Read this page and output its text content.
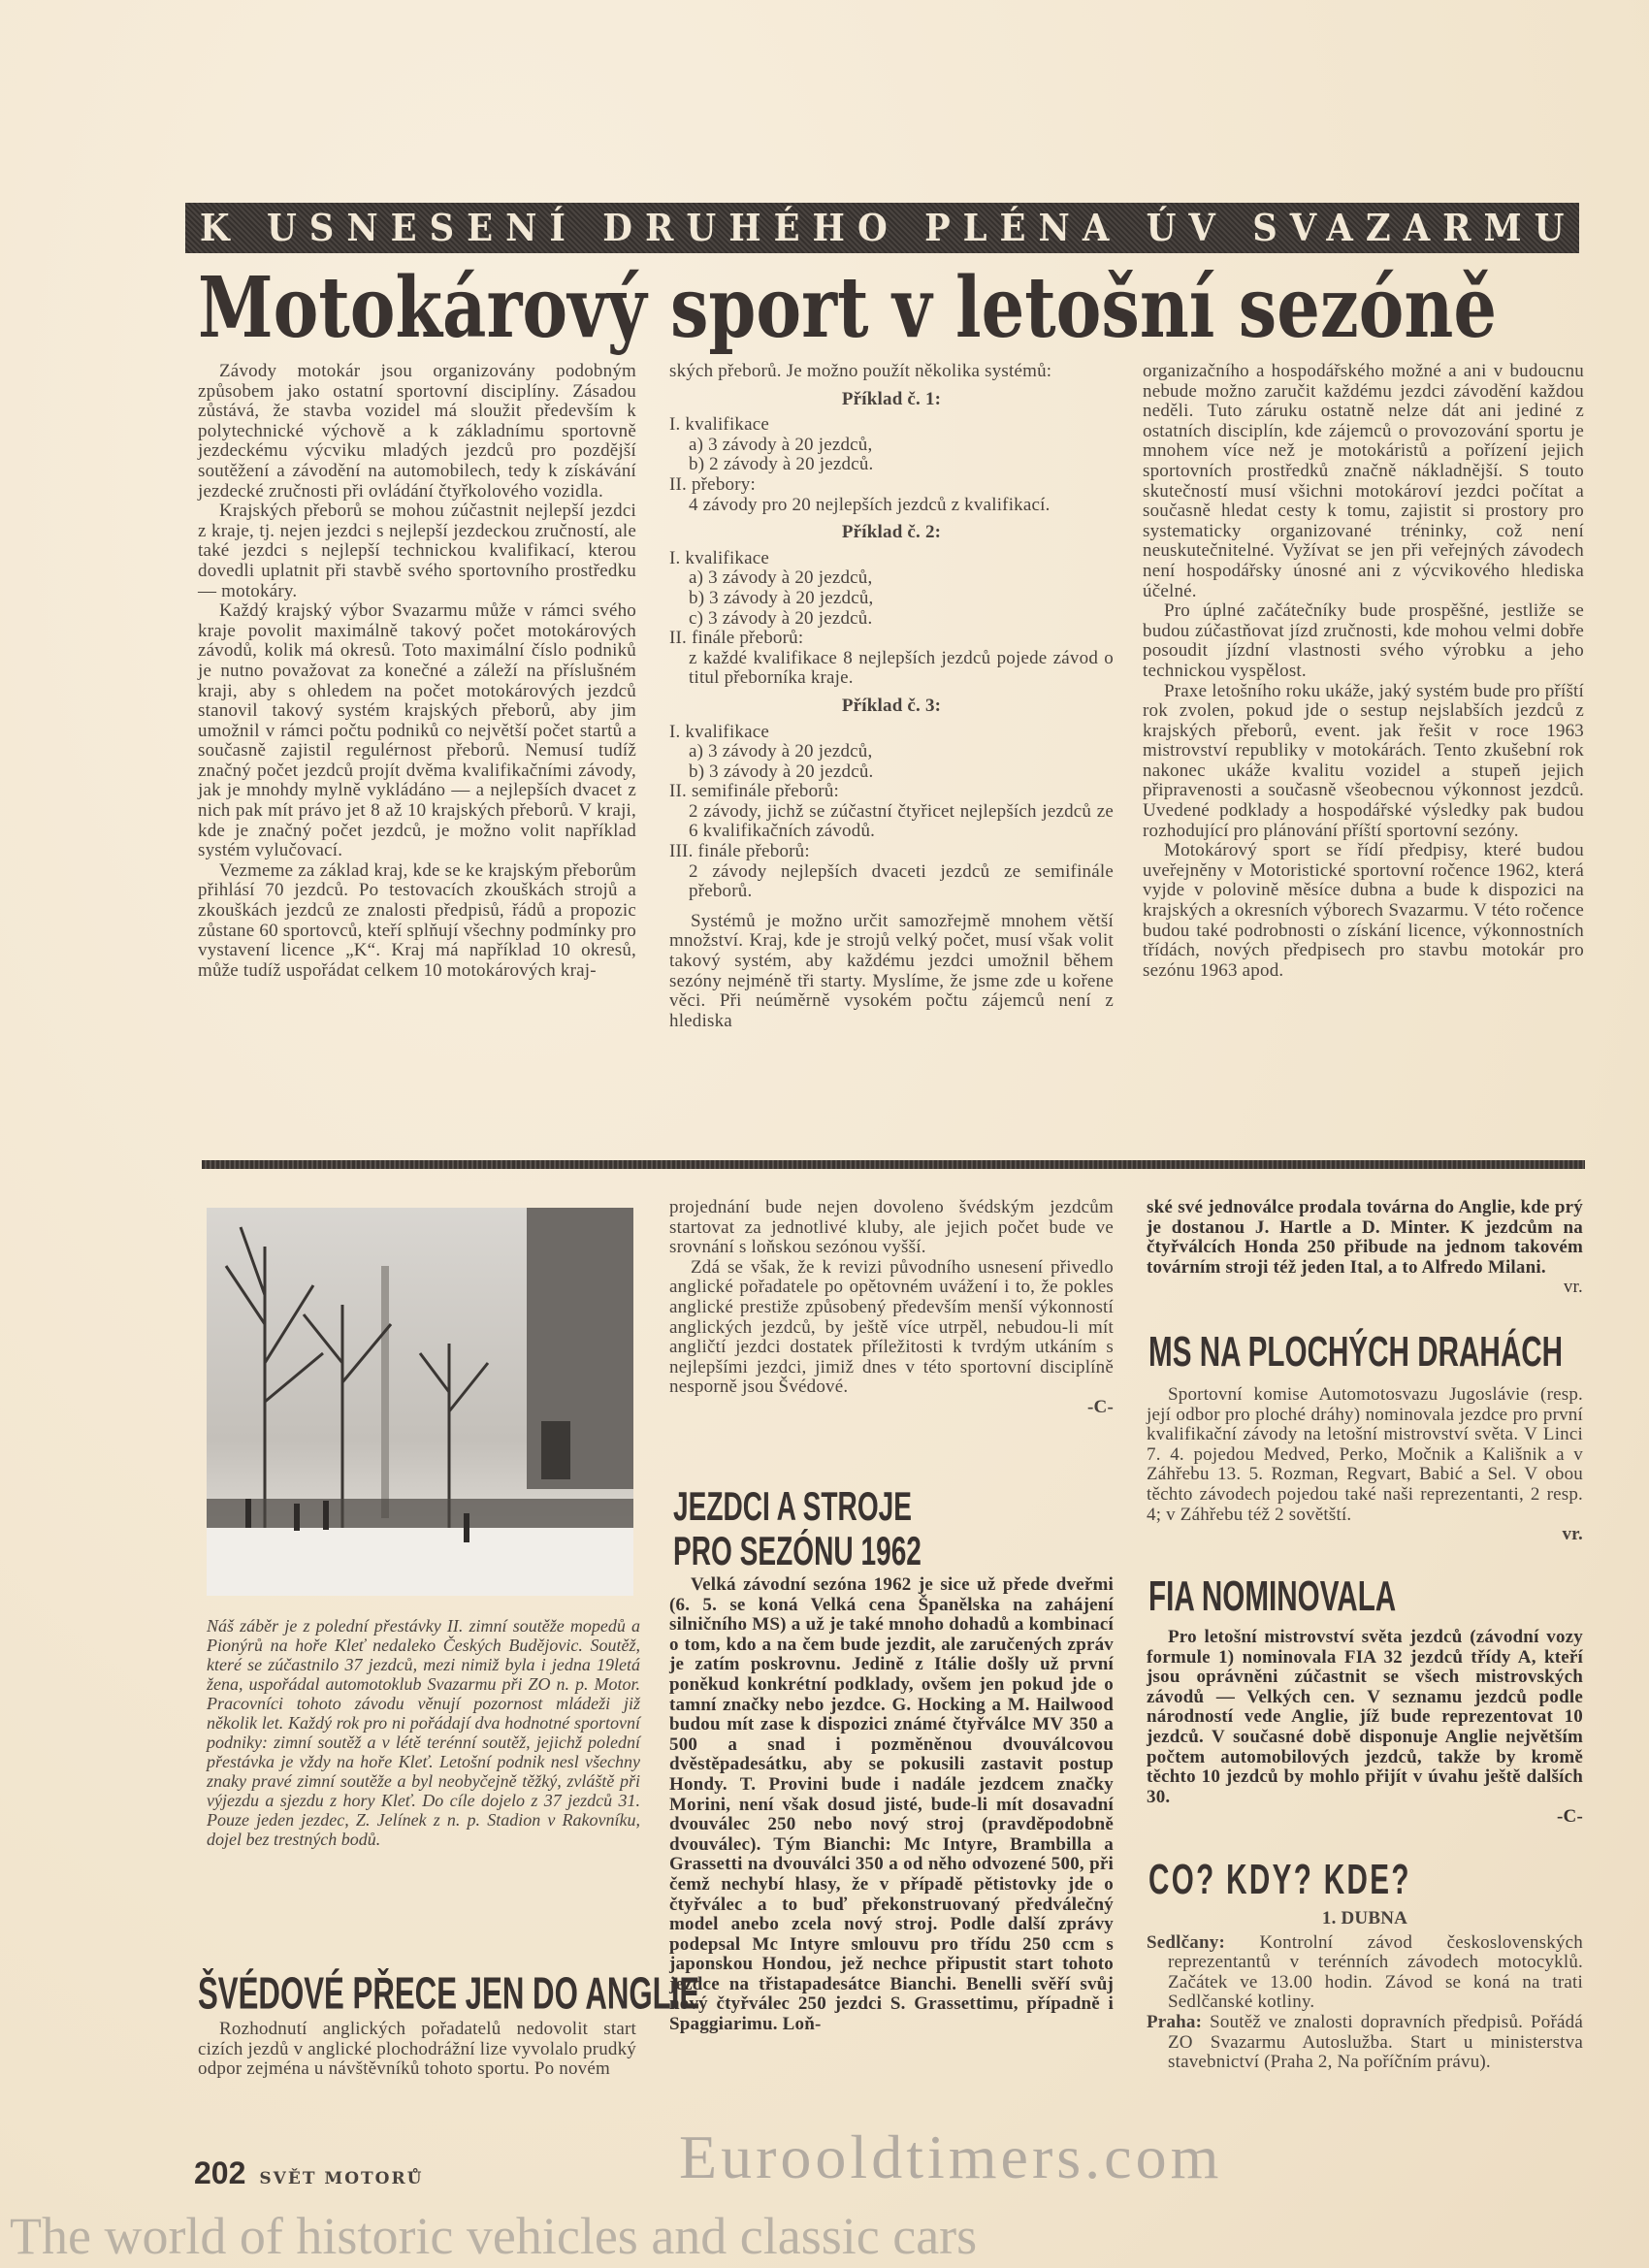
K USNESENÍ DRUHÉHO PLÉNA ÚV SVAZARMU
Motokárový sport v letošní sezóně

Závody motokár jsou organizovány podobným způsobem jako ostatní sportovní disciplíny. Zásadou zůstává, že stavba vozidel má sloužit především k polytechnické výchově a k základnímu sportovně jezdeckému výcviku mladých jezdců pro pozdější soutěžení a závodění na automobilech, tedy k získávání jezdecké zručnosti při ovládání čtyřkolového vozidla.

Krajských přeborů se mohou zúčastnit nejlepší jezdci z kraje, tj. nejen jezdci s nejlepší jezdeckou zručností, ale také jezdci s nejlepší technickou kvalifikací, kterou dovedli uplatnit při stavbě svého sportovního prostředku — motokáry.

Každý krajský výbor Svazarmu může v rámci svého kraje povolit maximálně takový počet motokárových závodů, kolik má okresů. Toto maximální číslo podniků je nutno považovat za konečné a záleží na příslušném kraji, aby s ohledem na počet motokárových jezdců stanovil takový systém krajských přeborů, aby jim umožnil v rámci počtu podniků co největší počet startů a současně zajistil regulérnost přeborů. Nemusí tudíž značný počet jezdců projít dvěma kvalifikačními závody, jak je mnohdy mylně vykládáno — a nejlepších dvacet z nich pak mít právo jet 8 až 10 krajských přeborů. V kraji, kde je značný počet jezdců, je možno volit například systém vylučovací.

Vezmeme za základ kraj, kde se ke krajským přeborům přihlásí 70 jezdců. Po testovacích zkouškách strojů a zkouškách jezdců ze znalosti předpisů, řádů a propozic zůstane 60 sportovců, kteří splňují všechny podmínky pro vystavení licence „K“. Kraj má například 10 okresů, může tudíž uspořádat celkem 10 motokárových kraj-

ských přeborů. Je možno použít několika systémů:

Příklad č. 1:
I. kvalifikace
a) 3 závody à 20 jezdců,
b) 2 závody à 20 jezdců.
II. přebory:
4 závody pro 20 nejlepších jezdců z kvalifikací.
Příklad č. 2:
I. kvalifikace
a) 3 závody à 20 jezdců,
b) 3 závody à 20 jezdců,
c) 3 závody à 20 jezdců.
II. finále přeborů:
z každé kvalifikace 8 nejlepších jezdců pojede závod o titul přeborníka kraje.
Příklad č. 3:
I. kvalifikace
a) 3 závody à 20 jezdců,
b) 3 závody à 20 jezdců.
II. semifinále přeborů:
2 závody, jichž se zúčastní čtyřicet nejlepších jezdců ze 6 kvalifikačních závodů.
III. finále přeborů:
2 závody nejlepších dvaceti jezdců ze semifinále přeborů.

Systémů je možno určit samozřejmě mnohem větší množství. Kraj, kde je strojů velký počet, musí však volit takový systém, aby každému jezdci umožnil během sezóny nejméně tři starty. Myslíme, že jsme zde u kořene věci. Při neúměrně vysokém počtu zájemců není z hlediska

organizačního a hospodářského možné a ani v budoucnu nebude možno zaručit každému jezdci závodění každou neděli. Tuto záruku ostatně nelze dát ani jediné z ostatních disciplín, kde zájemců o provozování sportu je mnohem více než je motokáristů a pořízení jejich sportovních prostředků značně nákladnější. S touto skutečností musí všichni motokároví jezdci počítat a současně hledat cesty k tomu, zajistit si prostory pro systematicky organizované tréninky, což není neuskutečnitelné. Vyžívat se jen při veřejných závodech není hospodářsky únosné ani z výcvikového hlediska účelné.

Pro úplné začátečníky bude prospěšné, jestliže se budou zúčastňovat jízd zručnosti, kde mohou velmi dobře posoudit jízdní vlastnosti svého výrobku a jeho technickou vyspělost.

Praxe letošního roku ukáže, jaký systém bude pro příští rok zvolen, pokud jde o sestup nejslabších jezdců z krajských přeborů, event. jak řešit v roce 1963 mistrovství republiky v motokárách. Tento zkušební rok nakonec ukáže kvalitu vozidel a stupeň jejich připravenosti a současně všeobecnou výkonnost jezdců. Uvedené podklady a hospodářské výsledky pak budou rozhodující pro plánování příští sportovní sezóny.

Motokárový sport se řídí předpisy, které budou uveřejněny v Motoristické sportovní ročence 1962, která vyjde v polovině měsíce dubna a bude k dispozici na krajských a okresních výborech Svazarmu. V této ročence budou také podrobnosti o získání licence, výkonnostních třídách, nových předpisech pro stavbu motokár pro sezónu 1963 apod.

Náš záběr je z polední přestávky II. zimní soutěže mopedů a Pionýrů na hoře Kleť nedaleko Českých Budějovic. Soutěž, které se zúčastnilo 37 jezdců, mezi nimiž byla i jedna 19letá žena, uspořádal automotoklub Svazarmu při ZO n. p. Motor. Pracovníci tohoto závodu věnují pozornost mládeži již několik let. Každý rok pro ni pořádají dva hodnotné sportovní podniky: zimní soutěž a v létě terénní soutěž, jejichž polední přestávka je vždy na hoře Kleť. Letošní podnik nesl všechny znaky pravé zimní soutěže a byl neobyčejně těžký, zvláště při výjezdu a sjezdu z hory Kleť. Do cíle dojelo z 37 jezdců 31. Pouze jeden jezdec, Z. Jelínek z n. p. Stadion v Rakovníku, dojel bez trestných bodů.
ŠVÉDOVÉ PŘECE JEN DO ANGLIE

Rozhodnutí anglických pořadatelů nedovolit start cizích jezdů v anglické plochodrážní lize vyvolalo prudký odpor zejména u návštěvníků tohoto sportu. Po novém

projednání bude nejen dovoleno švédským jezdcům startovat za jednotlivé kluby, ale jejich počet bude ve srovnání s loňskou sezónou vyšší.

Zdá se však, že k revizi původního usnesení přivedlo anglické pořadatele po opětovném uvážení i to, že pokles anglické prestiže způsobený především menší výkonností anglických jezdců, by ještě více utrpěl, nebudou-li mít angličtí jezdci dostatek příležitosti k tvrdým utkáním s nejlepšími jezdci, jimiž dnes v této sportovní disciplíně nesporně jsou Švédové.

-C-
JEZDCI A STROJE
PRO SEZÓNU 1962

Velká závodní sezóna 1962 je sice už přede dveřmi (6. 5. se koná Velká cena Španělska na zahájení silničního MS) a už je také mnoho dohadů a kombinací o tom, kdo a na čem bude jezdit, ale zaručených zpráv je zatím poskrovnu. Jedině z Itálie došly už první poněkud konkrétní podklady, ovšem jen pokud jde o tamní značky nebo jezdce. G. Hocking a M. Hailwood budou mít zase k dispozici známé čtyřválce MV 350 a 500 a snad i pozměněnou dvouválcovou dvěstěpadesátku, aby se pokusili zastavit postup Hondy. T. Provini bude i nadále jezdcem značky Morini, není však dosud jisté, bude-li mít dosavadní dvouválec 250 nebo nový stroj (pravděpodobně dvouválec). Tým Bianchi: Mc Intyre, Brambilla a Grassetti na dvouválci 350 a od něho odvozené 500, při čemž nechybí hlasy, že v případě pětistovky jde o čtyřválec a to buď překonstruovaný předválečný model anebo zcela nový stroj. Podle další zprávy podepsal Mc Intyre smlouvu pro třídu 250 ccm s japonskou Hondou, jež nechce připustit start tohoto jezdce na třistapadesátce Bianchi. Benelli svěří svůj nový čtyřválec 250 jezdci S. Grassettimu, případně i Spaggiarimu. Loň-

ské své jednoválce prodala továrna do Anglie, kde prý je dostanou J. Hartle a D. Minter. K jezdcům na čtyřválcích Honda 250 přibude na jednom takovém továrním stroji též jeden Ital, a to Alfredo Milani.

vr.
MS NA PLOCHÝCH DRAHÁCH

Sportovní komise Automotosvazu Jugoslávie (resp. její odbor pro ploché dráhy) nominovala jezdce pro první kvalifikační závody na letošní mistrovství světa. V Linci 7. 4. pojedou Medved, Perko, Močnik a Kališnik a v Záhřebu 13. 5. Rozman, Regvart, Babić a Sel. V obou těchto závodech pojedou také naši reprezentanti, 2 resp. 4; v Záhřebu též 2 sovětští.

vr.
FIA NOMINOVALA

Pro letošní mistrovství světa jezdců (závodní vozy formule 1) nominovala FIA 32 jezdců třídy A, kteří jsou oprávněni zúčastnit se všech mistrovských závodů — Velkých cen. V seznamu jezdců podle národností vede Anglie, jíž bude reprezentovat 10 jezdců. V současné době disponuje Anglie největším počtem automobilových jezdců, takže by kromě těchto 10 jezdců by mohlo přijít v úvahu ještě dalších 30.

-C-
CO? KDY? KDE?
1. DUBNA

Sedlčany: Kontrolní závod československých reprezentantů v terénních závodech motocyklů. Začátek ve 13.00 hodin. Závod se koná na trati Sedlčanské kotliny.

Praha: Soutěž ve znalosti dopravních předpisů. Pořádá ZO Svazarmu Autoslužba. Start u ministerstva stavebnictví (Praha 2, Na poříčním právu).

202 SVĚT MOTORŮ	Eurooldtimers.com
The world of historic vehicles and classic cars
